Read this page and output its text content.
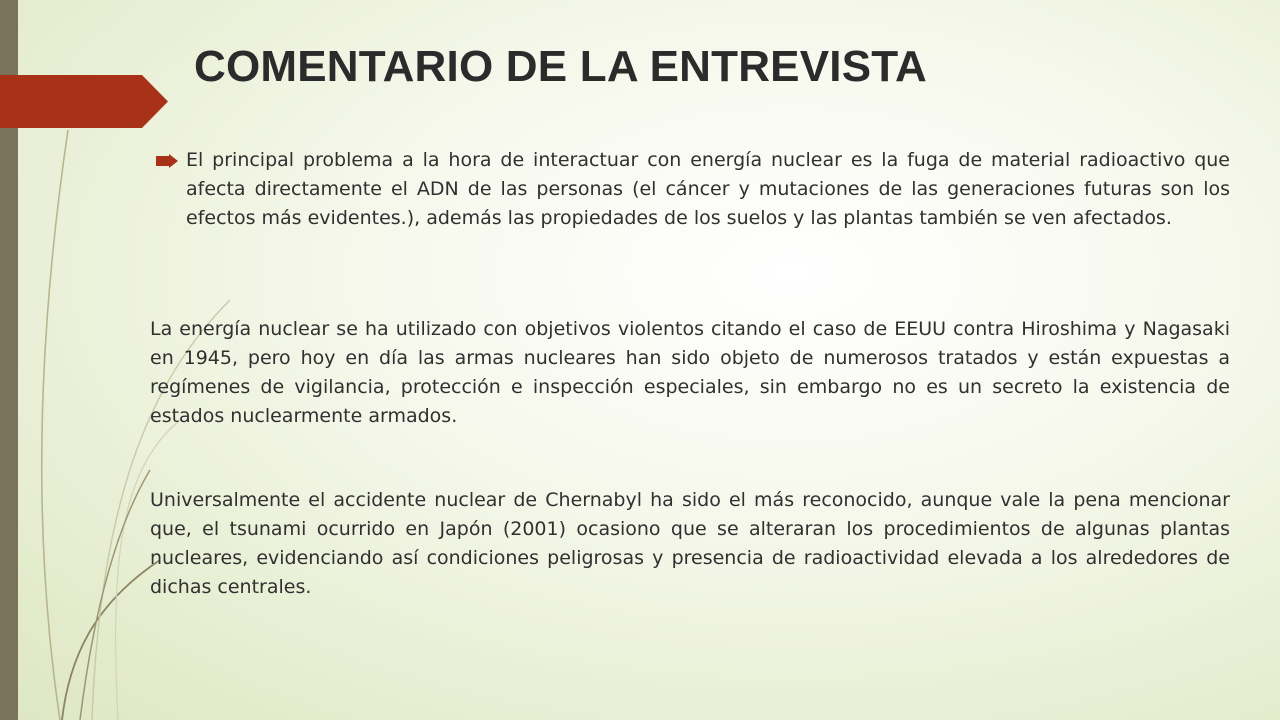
COMENTARIO DE LA ENTREVISTA

El principal problema a la hora de interactuar con energía nuclear es la fuga de material radioactivo que afecta directamente el ADN de las personas (el cáncer y mutaciones de las generaciones futuras son los efectos más evidentes.), además las propiedades de los suelos y las plantas también se ven afectados.

La energía nuclear se ha utilizado con objetivos violentos citando el caso de EEUU contra Hiroshima y Nagasaki en 1945, pero hoy en día las armas nucleares han sido objeto de numerosos tratados y están expuestas a regímenes de vigilancia, protección e inspección especiales, sin embargo no es un secreto la existencia de estados nuclearmente armados.

Universalmente el accidente nuclear de Chernabyl ha sido el más reconocido, aunque vale la pena mencionar que, el tsunami ocurrido en Japón (2001) ocasiono que se alteraran los procedimientos de algunas plantas nucleares, evidenciando así condiciones peligrosas y presencia de radioactividad elevada a los alrededores de dichas centrales.
